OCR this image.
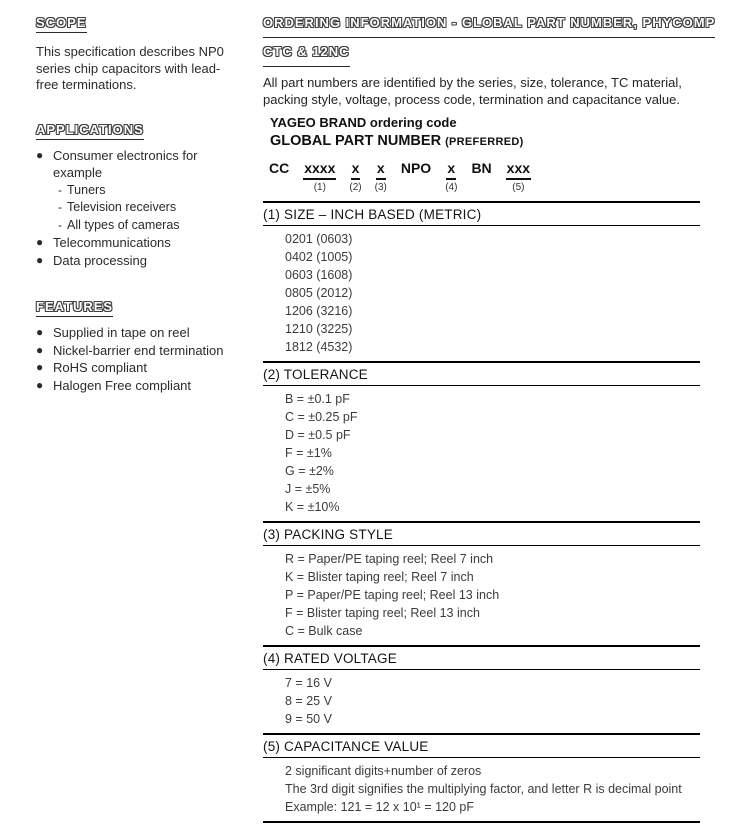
SCOPE
This specification describes NP0 series chip capacitors with lead-free terminations.
APPLICATIONS
● Consumer electronics for example
- Tuners
- Television receivers
- All types of cameras
● Telecommunications
● Data processing
FEATURES
● Supplied in tape on reel
● Nickel-barrier end termination
● RoHS compliant
● Halogen Free compliant
ORDERING INFORMATION - GLOBAL PART NUMBER, PHYCOMP
CTC & 12NC
All part numbers are identified by the series, size, tolerance, TC material, packing style, voltage, process code, termination and capacitance value.
YAGEO BRAND ordering code
GLOBAL PART NUMBER (PREFERRED)
CC xxxx
(1)
x
(2)
x
(3)
NPO x
(4)
BN xxx
(5)
(1) SIZE – INCH BASED (METRIC)
0201 (0603)
0402 (1005)
0603 (1608)
0805 (2012)
1206 (3216)
1210 (3225)
1812 (4532)
(2) TOLERANCE
B = ±0.1 pF
C = ±0.25 pF
D = ±0.5 pF
F = ±1%
G = ±2%
J = ±5%
K = ±10%
(3) PACKING STYLE
R = Paper/PE taping reel; Reel 7 inch
K = Blister taping reel; Reel 7 inch
P = Paper/PE taping reel; Reel 13 inch
F = Blister taping reel; Reel 13 inch
C = Bulk case
(4) RATED VOLTAGE
7 = 16 V
8 = 25 V
9 = 50 V
(5) CAPACITANCE VALUE
2 significant digits+number of zeros
The 3rd digit signifies the multiplying factor, and letter R is decimal point
Example: 121 = 12 x 10¹ = 120 pF
